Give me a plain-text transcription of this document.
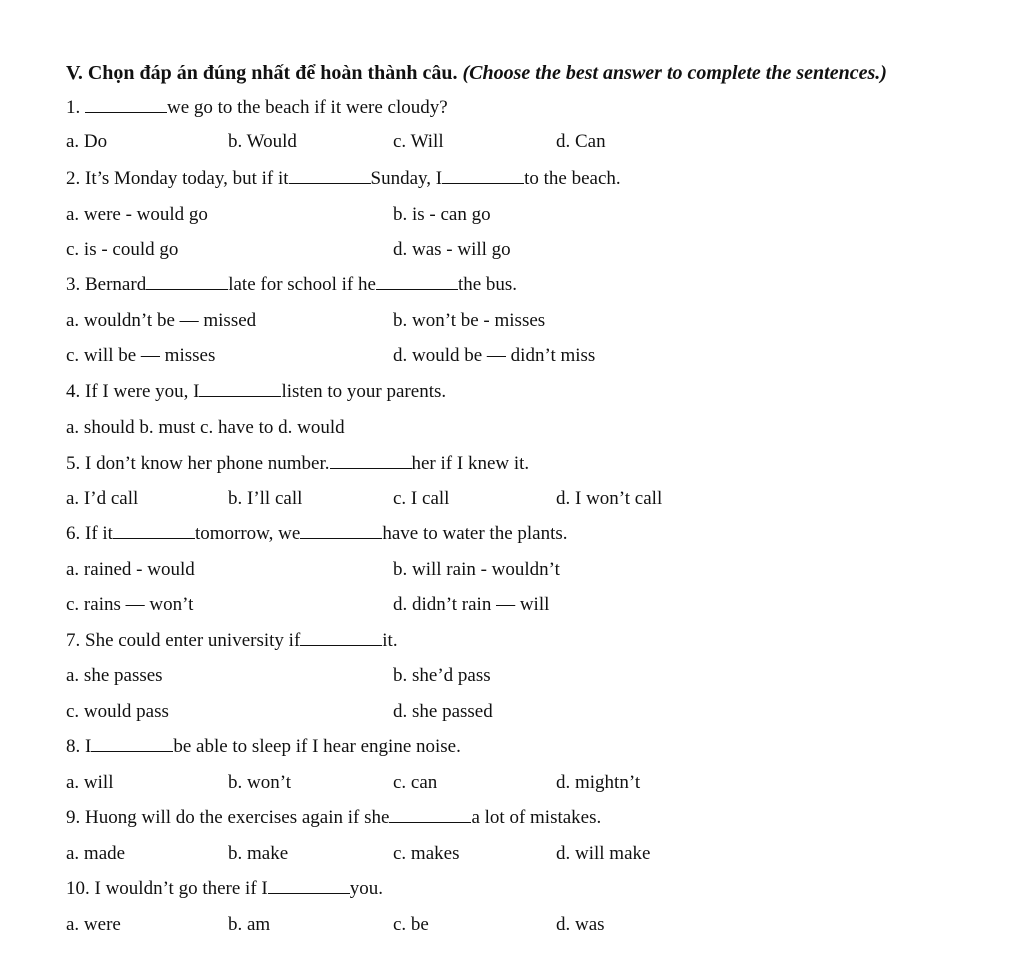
V. Chọn đáp án đúng nhất để hoàn thành câu. (Choose the best answer to complete the sentences.)
1.	we go to the beach if it were cloudy?
a. Do	b. Would	c. Will	d. Can
2. It’s Monday today, but if it	Sunday, I	to the beach.
a. were - would go	b. is - can go
c. is - could go	d. was - will go
3. Bernard	late for school if he	the bus.
a. wouldn’t be — missed	b. won’t be - misses
c. will be — misses	d. would be — didn’t miss
4. If I were you, I	listen to your parents.
a. should b. must c. have to d. would
5. I don’t know her phone number.	her if I knew it.
a. I’d call	b. I’ll call	c. I call	d. I won’t call
6. If it	tomorrow, we	have to water the plants.
a. rained - would	b. will rain - wouldn’t
c. rains — won’t	d. didn’t rain — will
7. She could enter university if	it.
a. she passes	b. she’d pass
c. would pass	d. she passed
8. I	be able to sleep if I hear engine noise.
a. will	b. won’t	c. can	d. mightn’t
9. Huong will do the exercises again if she	a lot of mistakes.
a. made	b. make	c. makes	d. will make
10. I wouldn’t go there if I	you.
a. were	b. am	c. be	d. was
